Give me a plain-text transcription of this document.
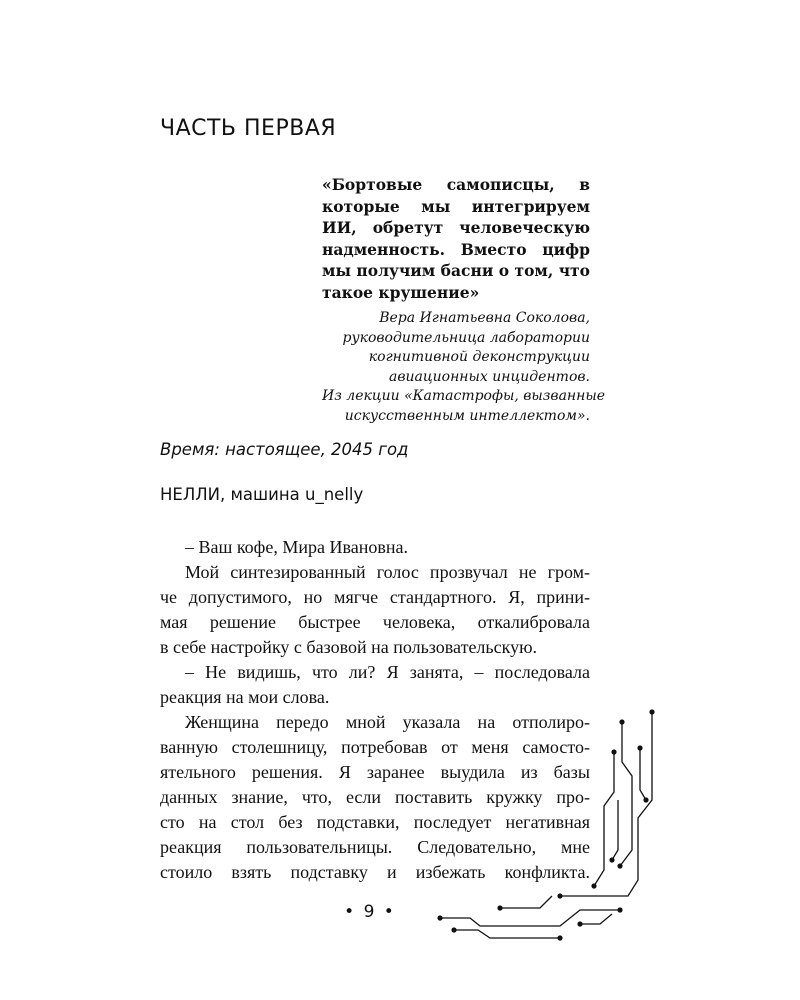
ЧАСТЬ ПЕРВАЯ

«Бортовые самописцы, в которые мы интегрируем ИИ, обретут человеческую надменность. Вместо цифр мы получим басни о том, что такое крушение»

Вера Игнатьевна Соколова,
руководительница лаборатории
когнитивной деконструкции
авиационных инцидентов.
Из лекции «Катастрофы, вызванные
искусственным интеллектом».

Время: настоящее, 2045 год

НЕЛЛИ, машина u_nelly

– Ваш кофе, Мира Ивановна.
Мой синтезированный голос прозвучал не гром-
че допустимого, но мягче стандартного. Я, прини-
мая решение быстрее человека, откалибровала
в себе настройку с базовой на пользовательскую.
– Не видишь, что ли? Я занята, – последовала
реакция на мои слова.
Женщина передо мной указала на отполиро-
ванную столешницу, потребовав от меня самосто-
ятельного решения. Я заранее выудила из базы
данных знание, что, если поставить кружку про-
сто на стол без подставки, последует негативная
реакция пользовательницы. Следовательно, мне
стоило взять подставку и избежать конфликта.
• 9 •
